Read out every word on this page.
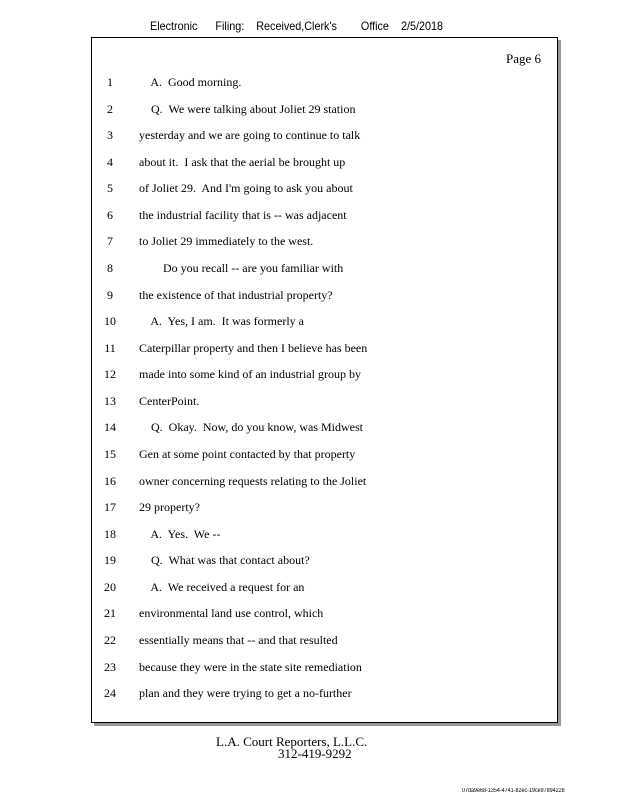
Electronic      Filing:    Received,Clerk's        Office    2/5/2018
Page 6
1	A.  Good morning.
2	Q.  We were talking about Joliet 29 station
3	yesterday and we are going to continue to talk
4	about it.  I ask that the aerial be brought up
5	of Joliet 29.  And I'm going to ask you about
6	the industrial facility that is -- was adjacent
7	to Joliet 29 immediately to the west.
8	Do you recall -- are you familiar with
9	the existence of that industrial property?
10	A.  Yes, I am.  It was formerly a
11	Caterpillar property and then I believe has been
12	made into some kind of an industrial group by
13	CenterPoint.
14	Q.  Okay.  Now, do you know, was Midwest
15	Gen at some point contacted by that property
16	owner concerning requests relating to the Joliet
17	29 property?
18	A.  Yes.  We --
19	Q.  What was that contact about?
20	A.  We received a request for an
21	environmental land use control, which
22	essentially means that -- and that resulted
23	because they were in the state site remediation
24	plan and they were trying to get a no-further
L.A. Court Reporters, L.L.C.
312-419-9292
07da9e68-1354-4741-82ec-19ce97894228
